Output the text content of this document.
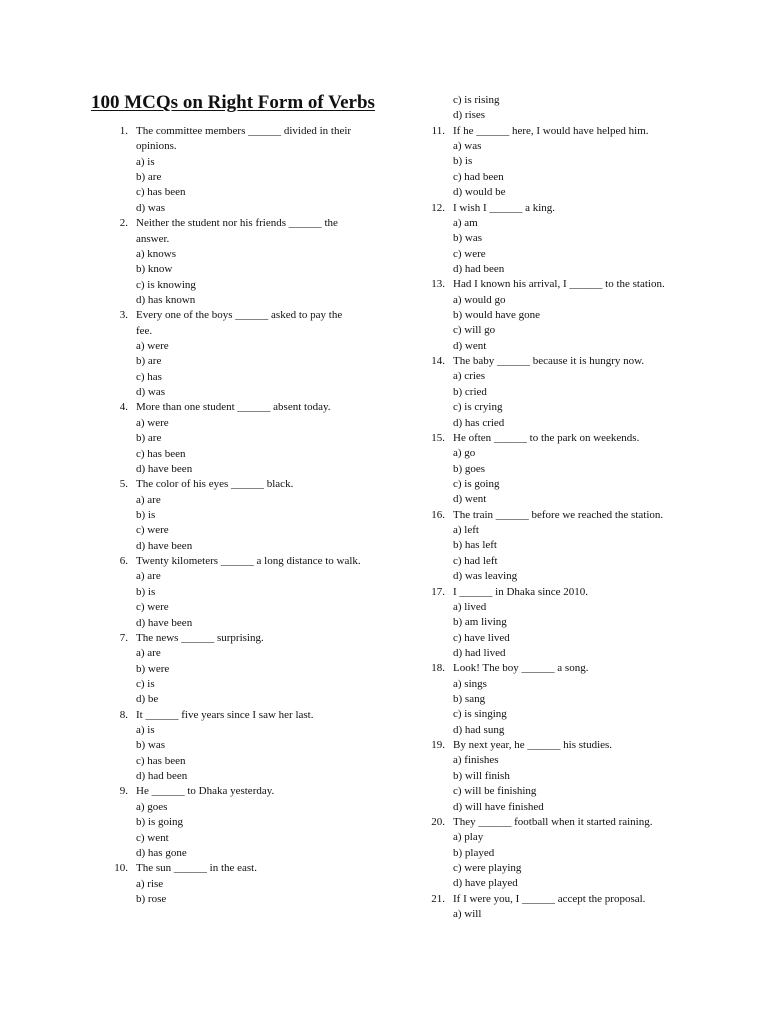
100 MCQs on Right Form of Verbs
1. The committee members ______ divided in their opinions.
a) is
b) are
c) has been
d) was
2. Neither the student nor his friends ______ the answer.
a) knows
b) know
c) is knowing
d) has known
3. Every one of the boys ______ asked to pay the fee.
a) were
b) are
c) has
d) was
4. More than one student ______ absent today.
a) were
b) are
c) has been
d) have been
5. The color of his eyes ______ black.
a) are
b) is
c) were
d) have been
6. Twenty kilometers ______ a long distance to walk.
a) are
b) is
c) were
d) have been
7. The news ______ surprising.
a) are
b) were
c) is
d) be
8. It ______ five years since I saw her last.
a) is
b) was
c) has been
d) had been
9. He ______ to Dhaka yesterday.
a) goes
b) is going
c) went
d) has gone
10. The sun ______ in the east.
a) rise
b) rose
c) is rising
d) rises
11. If he ______ here, I would have helped him.
a) was
b) is
c) had been
d) would be
12. I wish I ______ a king.
a) am
b) was
c) were
d) had been
13. Had I known his arrival, I ______ to the station.
a) would go
b) would have gone
c) will go
d) went
14. The baby ______ because it is hungry now.
a) cries
b) cried
c) is crying
d) has cried
15. He often ______ to the park on weekends.
a) go
b) goes
c) is going
d) went
16. The train ______ before we reached the station.
a) left
b) has left
c) had left
d) was leaving
17. I ______ in Dhaka since 2010.
a) lived
b) am living
c) have lived
d) had lived
18. Look! The boy ______ a song.
a) sings
b) sang
c) is singing
d) had sung
19. By next year, he ______ his studies.
a) finishes
b) will finish
c) will be finishing
d) will have finished
20. They ______ football when it started raining.
a) play
b) played
c) were playing
d) have played
21. If I were you, I ______ accept the proposal.
a) will
